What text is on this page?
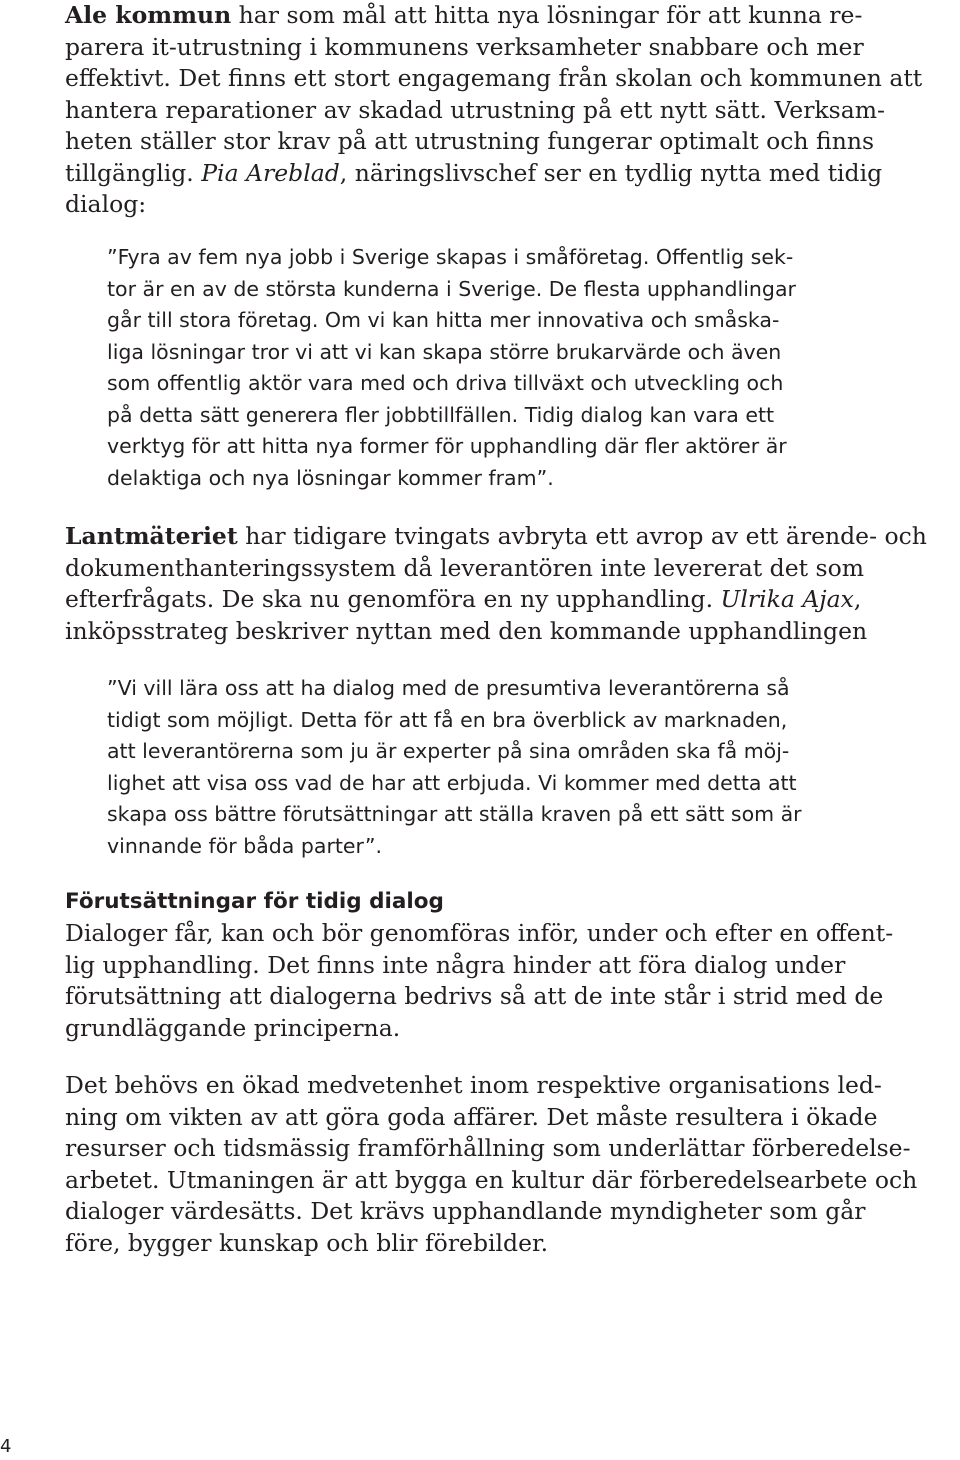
Ale kommun har som mål att hitta nya lösningar för att kunna re-
parera it-utrustning i kommunens verksamheter snabbare och mer
effektivt. Det finns ett stort engagemang från skolan och kommunen att
hantera reparationer av skadad utrustning på ett nytt sätt. Verksam-
heten ställer stor krav på att utrustning fungerar optimalt och finns
tillgänglig. Pia Areblad, näringslivschef ser en tydlig nytta med tidig
dialog:

”Fyra av fem nya jobb i Sverige skapas i småföretag. Offentlig sek-
tor är en av de största kunderna i Sverige. De flesta upphandlingar
går till stora företag. Om vi kan hitta mer innovativa och småska-
liga lösningar tror vi att vi kan skapa större brukarvärde och även
som offentlig aktör vara med och driva tillväxt och utveckling och
på detta sätt generera fler jobbtillfällen. Tidig dialog kan vara ett
verktyg för att hitta nya former för upphandling där fler aktörer är
delaktiga och nya lösningar kommer fram”.

Lantmäteriet har tidigare tvingats avbryta ett avrop av ett ärende- och
dokumenthanteringssystem då leverantören inte levererat det som
efterfrågats. De ska nu genomföra en ny upphandling. Ulrika Ajax,
inköpsstrateg beskriver nyttan med den kommande upphandlingen

”Vi vill lära oss att ha dialog med de presumtiva leverantörerna så
tidigt som möjligt. Detta för att få en bra överblick av marknaden,
att leverantörerna som ju är experter på sina områden ska få möj-
lighet att visa oss vad de har att erbjuda. Vi kommer med detta att
skapa oss bättre förutsättningar att ställa kraven på ett sätt som är
vinnande för båda parter”.

Förutsättningar för tidig dialog

Dialoger får, kan och bör genomföras inför, under och efter en offent-
lig upphandling. Det finns inte några hinder att föra dialog under
förutsättning att dialogerna bedrivs så att de inte står i strid med de
grundläggande principerna.

Det behövs en ökad medvetenhet inom respektive organisations led-
ning om vikten av att göra goda affärer. Det måste resultera i ökade
resurser och tidsmässig framförhållning som underlättar förberedelse-
arbetet. Utmaningen är att bygga en kultur där förberedelsearbete och
dialoger värdesätts. Det krävs upphandlande myndigheter som går
före, bygger kunskap och blir förebilder.

4
